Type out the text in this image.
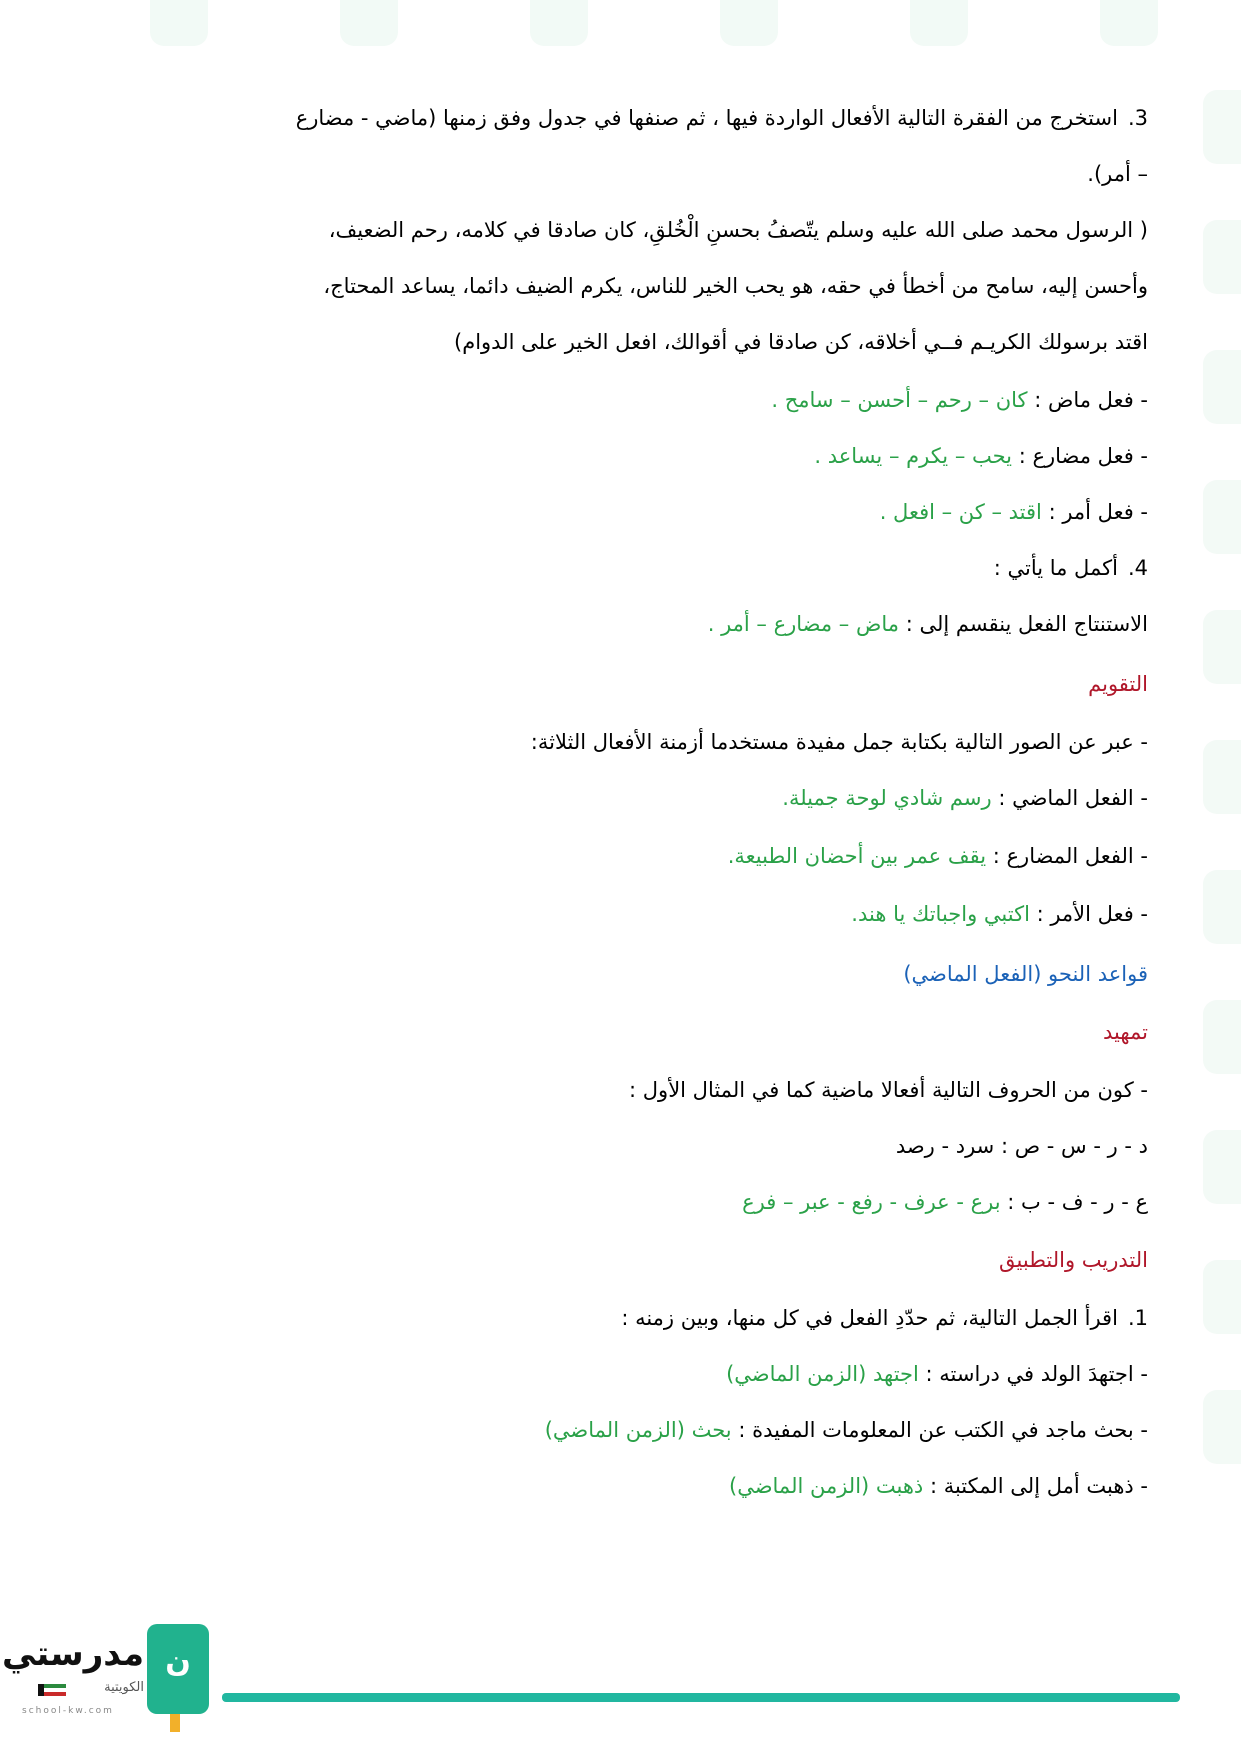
3.استخرج من الفقرة التالية الأفعال الواردة فيها ، ثم صنفها في جدول وفق زمنها (ماضي - مضارع
– أمر).
( الرسول محمد صلى الله عليه وسلم يتّصفُ بحسنِ الْخُلقِ، كان صادقا في كلامه، رحم الضعيف،
وأحسن إليه، سامح من أخطأ في حقه، هو يحب الخير للناس، يكرم الضيف دائما، يساعد المحتاج،
اقتد برسولك الكريـم فــي أخلاقه، كن صادقا في أقوالك، افعل الخير على الدوام)
- فعل ماض : كان – رحم – أحسن – سامح .
- فعل مضارع : يحب – يكرم – يساعد .
- فعل أمر : اقتد – كن – افعل .
4.أكمل ما يأتي :
الاستنتاج الفعل ينقسم إلى : ماض – مضارع – أمر .
التقويم
- عبر عن الصور التالية بكتابة جمل مفيدة مستخدما أزمنة الأفعال الثلاثة:
- الفعل الماضي : رسم شادي لوحة جميلة.
- الفعل المضارع : يقف عمر بين أحضان الطبيعة.
- فعل الأمر : اكتبي واجباتك يا هند.
قواعد النحو (الفعل الماضي)
تمهيد
- كون من الحروف التالية أفعالا ماضية كما في المثال الأول :
د - ر - س - ص : سرد - رصد
ع - ر - ف - ب : برع - عرف - رفع - عبر – فرع
التدريب والتطبيق
1.اقرأ الجمل التالية، ثم حدّدِ الفعل في كل منها، وبين زمنه :
- اجتهدَ الولد في دراسته : اجتهد (الزمن الماضي)
- بحث ماجد في الكتب عن المعلومات المفيدة : بحث (الزمن الماضي)
- ذهبت أمل إلى المكتبة : ذهبت (الزمن الماضي)
ن
مدرستي
الكويتية
school-kw.com
